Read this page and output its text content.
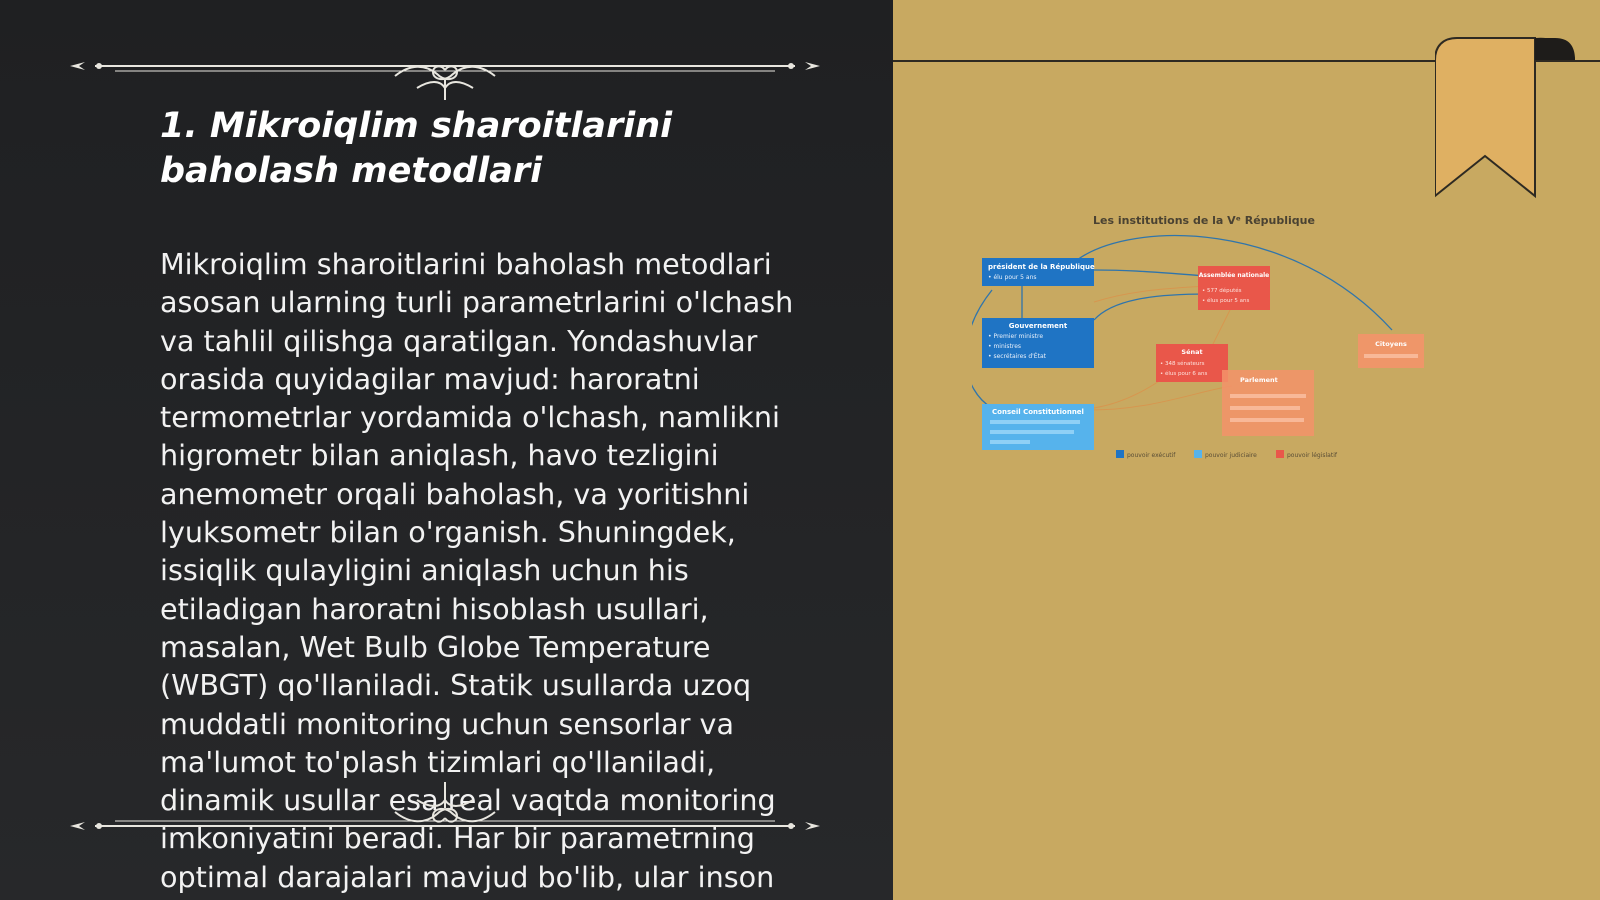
1. Mikroiqlim sharoitlarini baholash metodlari

Mikroiqlim sharoitlarini baholash metodlari
asosan ularning turli parametrlarini o'lchash
va tahlil qilishga qaratilgan. Yondashuvlar
orasida quyidagilar mavjud: haroratni
termometrlar yordamida o'lchash, namlikni
higrometr bilan aniqlash, havo tezligini
anemometr orqali baholash, va yoritishni
lyuksometr bilan o'rganish. Shuningdek,
issiqlik qulayligini aniqlash uchun his
etiladigan haroratni hisoblash usullari,
masalan, Wet Bulb Globe Temperature
(WBGT) qo'llaniladi. Statik usullarda uzoq
muddatli monitoring uchun sensorlar va
ma'lumot to'plash tizimlari qo'llaniladi,
dinamik usullar esa real vaqtda monitoring
imkoniyatini beradi. Har bir parametrning
optimal darajalari mavjud bo'lib, ular inson

Les institutions de la Vᵉ République
président de la République
• élu pour 5 ans
Gouvernement
• Premier ministre
• ministres
• secrétaires d'État
Conseil Constitutionnel
Assemblée nationale
• 577 députés
• élus pour 5 ans
Sénat
• 348 sénateurs
• élus pour 6 ans
Parlement
Citoyens
pouvoir exécutif	pouvoir judiciaire	pouvoir législatif
